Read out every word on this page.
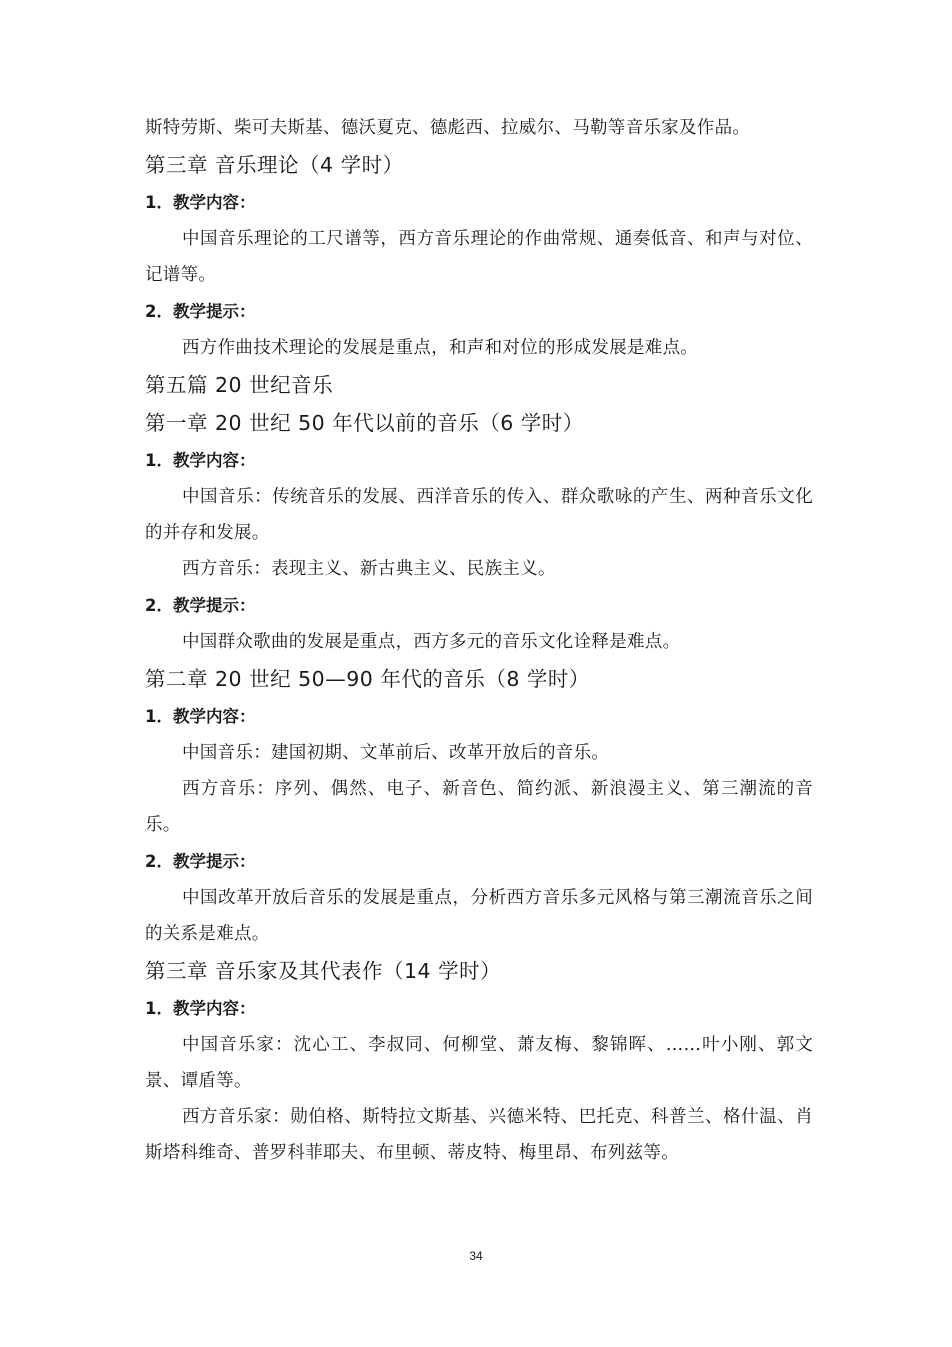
斯特劳斯、柴可夫斯基、德沃夏克、德彪西、拉威尔、马勒等音乐家及作品。

第三章 音乐理论（4 学时）

1．教学内容：

中国音乐理论的工尺谱等，西方音乐理论的作曲常规、通奏低音、和声与对位、记谱等。

2．教学提示：

西方作曲技术理论的发展是重点，和声和对位的形成发展是难点。

第五篇 20 世纪音乐
第一章 20 世纪 50 年代以前的音乐（6 学时）

1．教学内容：

中国音乐：传统音乐的发展、西洋音乐的传入、群众歌咏的产生、两种音乐文化的并存和发展。

西方音乐：表现主义、新古典主义、民族主义。

2．教学提示：

中国群众歌曲的发展是重点，西方多元的音乐文化诠释是难点。

第二章 20 世纪 50—90 年代的音乐（8 学时）

1．教学内容：

中国音乐：建国初期、文革前后、改革开放后的音乐。

西方音乐：序列、偶然、电子、新音色、简约派、新浪漫主义、第三潮流的音乐。

2．教学提示：

中国改革开放后音乐的发展是重点，分析西方音乐多元风格与第三潮流音乐之间的关系是难点。

第三章 音乐家及其代表作（14 学时）

1．教学内容：

中国音乐家：沈心工、李叔同、何柳堂、萧友梅、黎锦晖、……叶小刚、郭文景、谭盾等。

西方音乐家：勋伯格、斯特拉文斯基、兴德米特、巴托克、科普兰、格什温、肖斯塔科维奇、普罗科菲耶夫、布里顿、蒂皮特、梅里昂、布列兹等。

34
